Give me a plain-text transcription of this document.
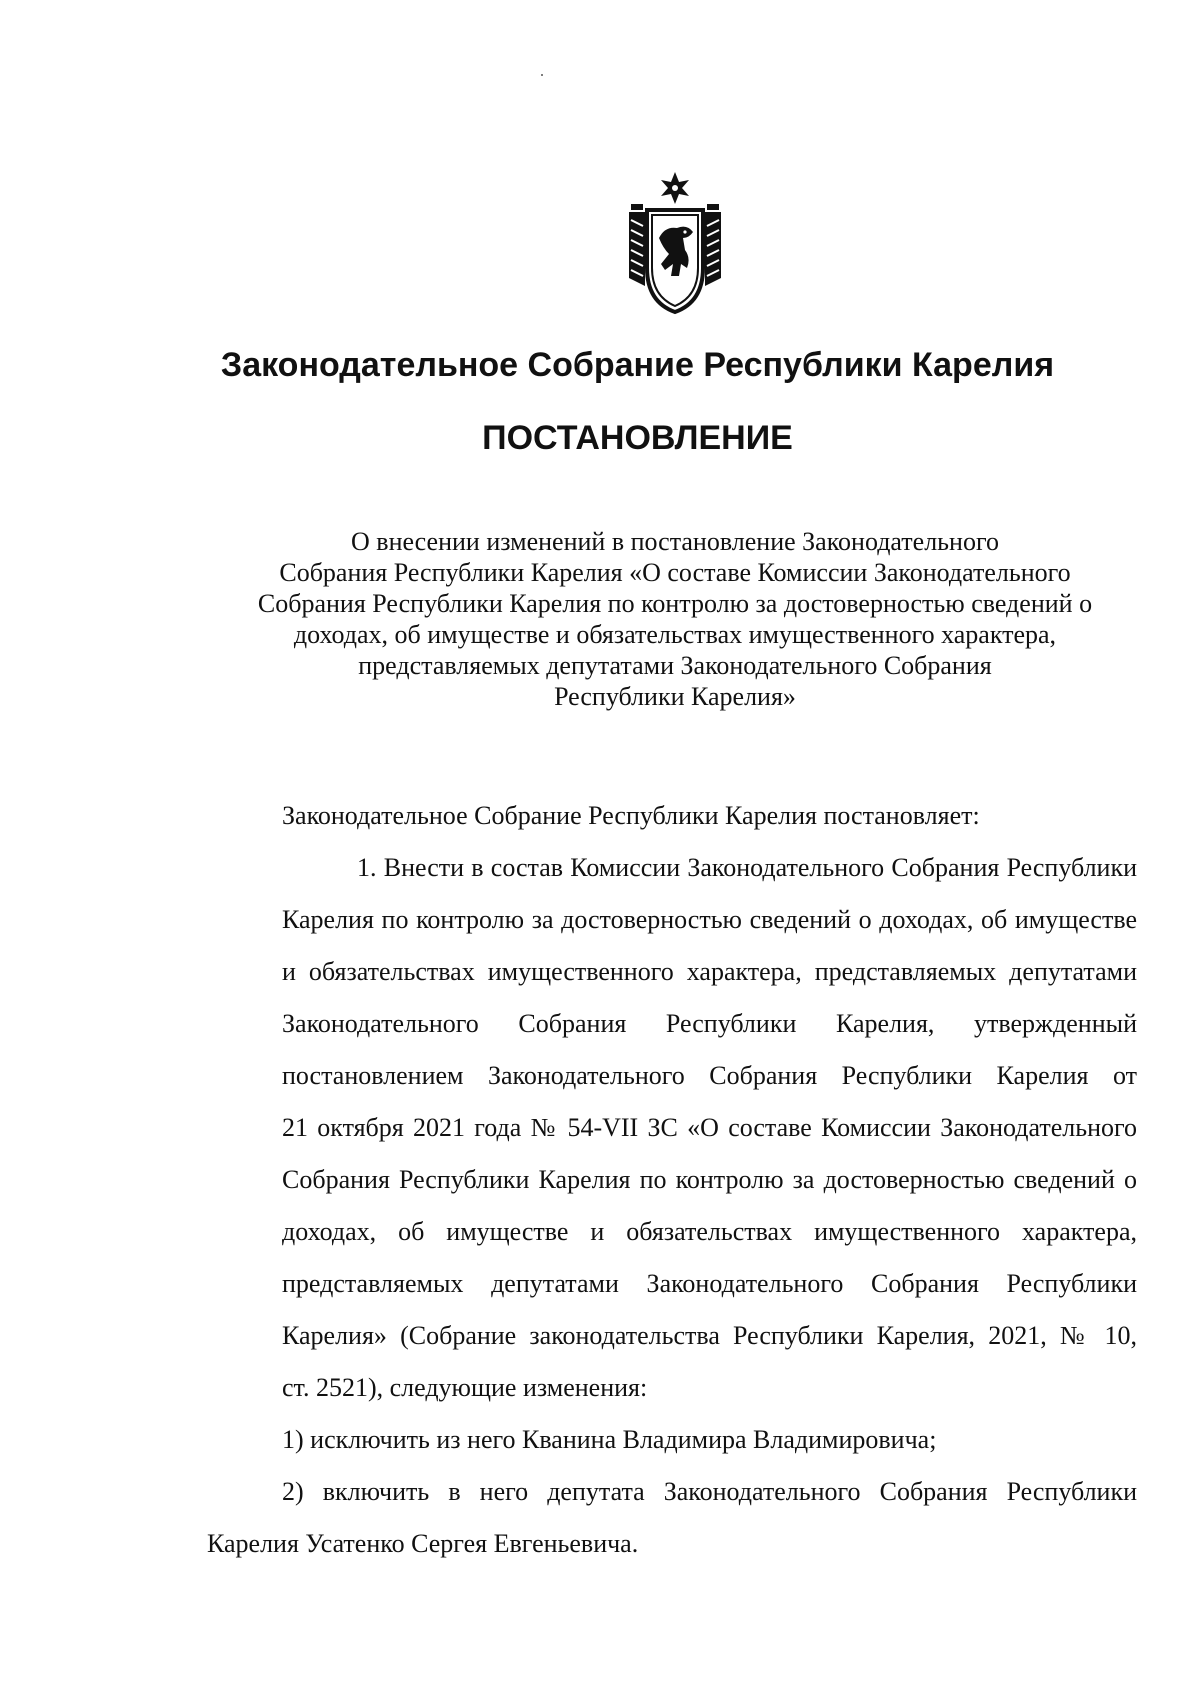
Законодательное Собрание Республики Карелия
ПОСТАНОВЛЕНИЕ
О внесении изменений в постановление Законодательного
Собрания Республики Карелия «О составе Комиссии Законодательного
Собрания Республики Карелия по контролю за достоверностью сведений о
доходах, об имуществе и обязательствах имущественного характера,
представляемых депутатами Законодательного Собрания
Республики Карелия»

Законодательное Собрание Республики Карелия постановляет:

1. Внести в состав Комиссии Законодательного Собрания Республики
Карелия по контролю за достоверностью сведений о доходах, об имуществе
и обязательствах имущественного характера, представляемых депутатами
Законодательного Собрания Республики Карелия, утвержденный
постановлением Законодательного Собрания Республики Карелия от
21 октября 2021 года № 54-VII ЗС «О составе Комиссии Законодательного
Собрания Республики Карелия по контролю за достоверностью сведений о
доходах, об имуществе и обязательствах имущественного характера,
представляемых депутатами Законодательного Собрания Республики
Карелия» (Собрание законодательства Республики Карелия, 2021, № 10,
ст. 2521), следующие изменения:
1) исключить из него Кванина Владимира Владимировича;
2) включить в него депутата Законодательного Собрания Республики
Карелия Усатенко Сергея Евгеньевича.
